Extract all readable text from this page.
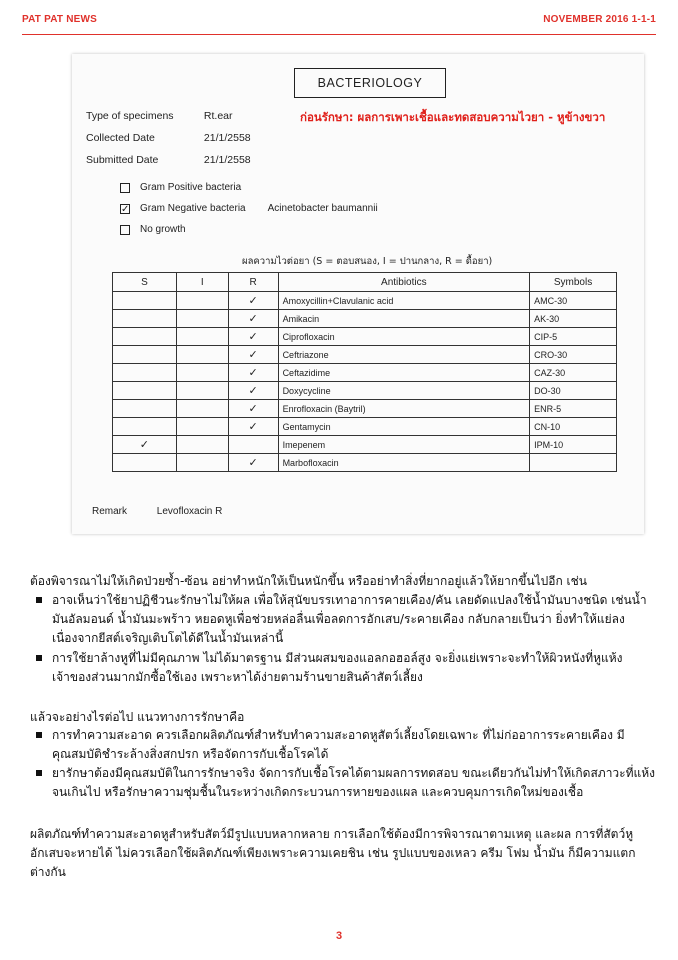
PAT PAT NEWS	NOVEMBER 2016 1-1-1
BACTERIOLOGY
ก่อนรักษา: ผลการเพาะเชื้อและทดสอบความไวยา - หูข้างขวา
Type of specimens	Rt.ear
Collected Date	21/1/2558
Submitted Date	21/1/2558
Gram Positive bacteria
✓ Gram Negative bacteria Acinetobacter baumannii
No growth
ผลความไวต่อยา (S = ตอบสนอง, I = ปานกลาง, R = ดื้อยา)
S	I	R	Antibiotics	Symbols
		✓	Amoxycillin+Clavulanic acid	AMC-30
		✓	Amikacin	AK-30
		✓	Ciprofloxacin	CIP-5
		✓	Ceftriazone	CRO-30
		✓	Ceftazidime	CAZ-30
		✓	Doxycycline	DO-30
		✓	Enrofloxacin (Baytril)	ENR-5
		✓	Gentamycin	CN-10
✓			Imepenem	IPM-10
		✓	Marbofloxacin	
Remark	Levofloxacin R
ต้องพิจารณาไม่ให้เกิดป่วยซ้ำ-ซ้อน อย่าทำหนักให้เป็นหนักขึ้น หรืออย่าทำสิ่งที่ยากอยู่แล้วให้ยากขึ้นไปอีก เช่น
อาจเห็นว่าใช้ยาปฏิชีวนะรักษาไม่ให้ผล เพื่อให้สุนัขบรรเทาอาการคายเคือง/คัน เลยดัดแปลงใช้น้ำมันบางชนิด เช่นน้ำมันอัลมอนด์ น้ำมันมะพร้าว หยอดหูเพื่อช่วยหล่อลื่นเพื่อลดการอักเสบ/ระคายเคือง กลับกลายเป็นว่า ยิ่งทำให้แย่ลง เนื่องจากยีสต์เจริญเติบโตได้ดีในน้ำมันเหล่านี้
การใช้ยาล้างหูที่ไม่มีคุณภาพ ไม่ได้มาตรฐาน มีส่วนผสมของแอลกอฮอล์สูง จะยิ่งแย่เพราะจะทำให้ผิวหนังที่หูแห้ง เจ้าของส่วนมากมักซื้อใช้เอง เพราะหาได้ง่ายตามร้านขายสินค้าสัตว์เลี้ยง
แล้วจะอย่างไรต่อไป แนวทางการรักษาคือ
การทำความสะอาด ควรเลือกผลิตภัณฑ์สำหรับทำความสะอาดหูสัตว์เลี้ยงโดยเฉพาะ ที่ไม่ก่ออาการระคายเคือง มีคุณสมบัติชำระล้างสิ่งสกปรก หรือจัดการกับเชื้อโรคได้
ยารักษาต้องมีคุณสมบัติในการรักษาจริง จัดการกับเชื้อโรคได้ตามผลการทดสอบ ขณะเดียวกันไม่ทำให้เกิดสภาวะที่แห้ง จนเกินไป หรือรักษาความชุ่มชื้นในระหว่างเกิดกระบวนการหายของแผล และควบคุมการเกิดใหม่ของเชื้อ
ผลิตภัณฑ์ทำความสะอาดหูสำหรับสัตว์มีรูปแบบหลากหลาย การเลือกใช้ต้องมีการพิจารณาตามเหตุ และผล การที่สัตว์หูอักเสบจะหายได้ ไม่ควรเลือกใช้ผลิตภัณฑ์เพียงเพราะความเคยชิน เช่น รูปแบบของเหลว ครีม โฟม น้ำมัน ก็มีความแตกต่างกัน
3
